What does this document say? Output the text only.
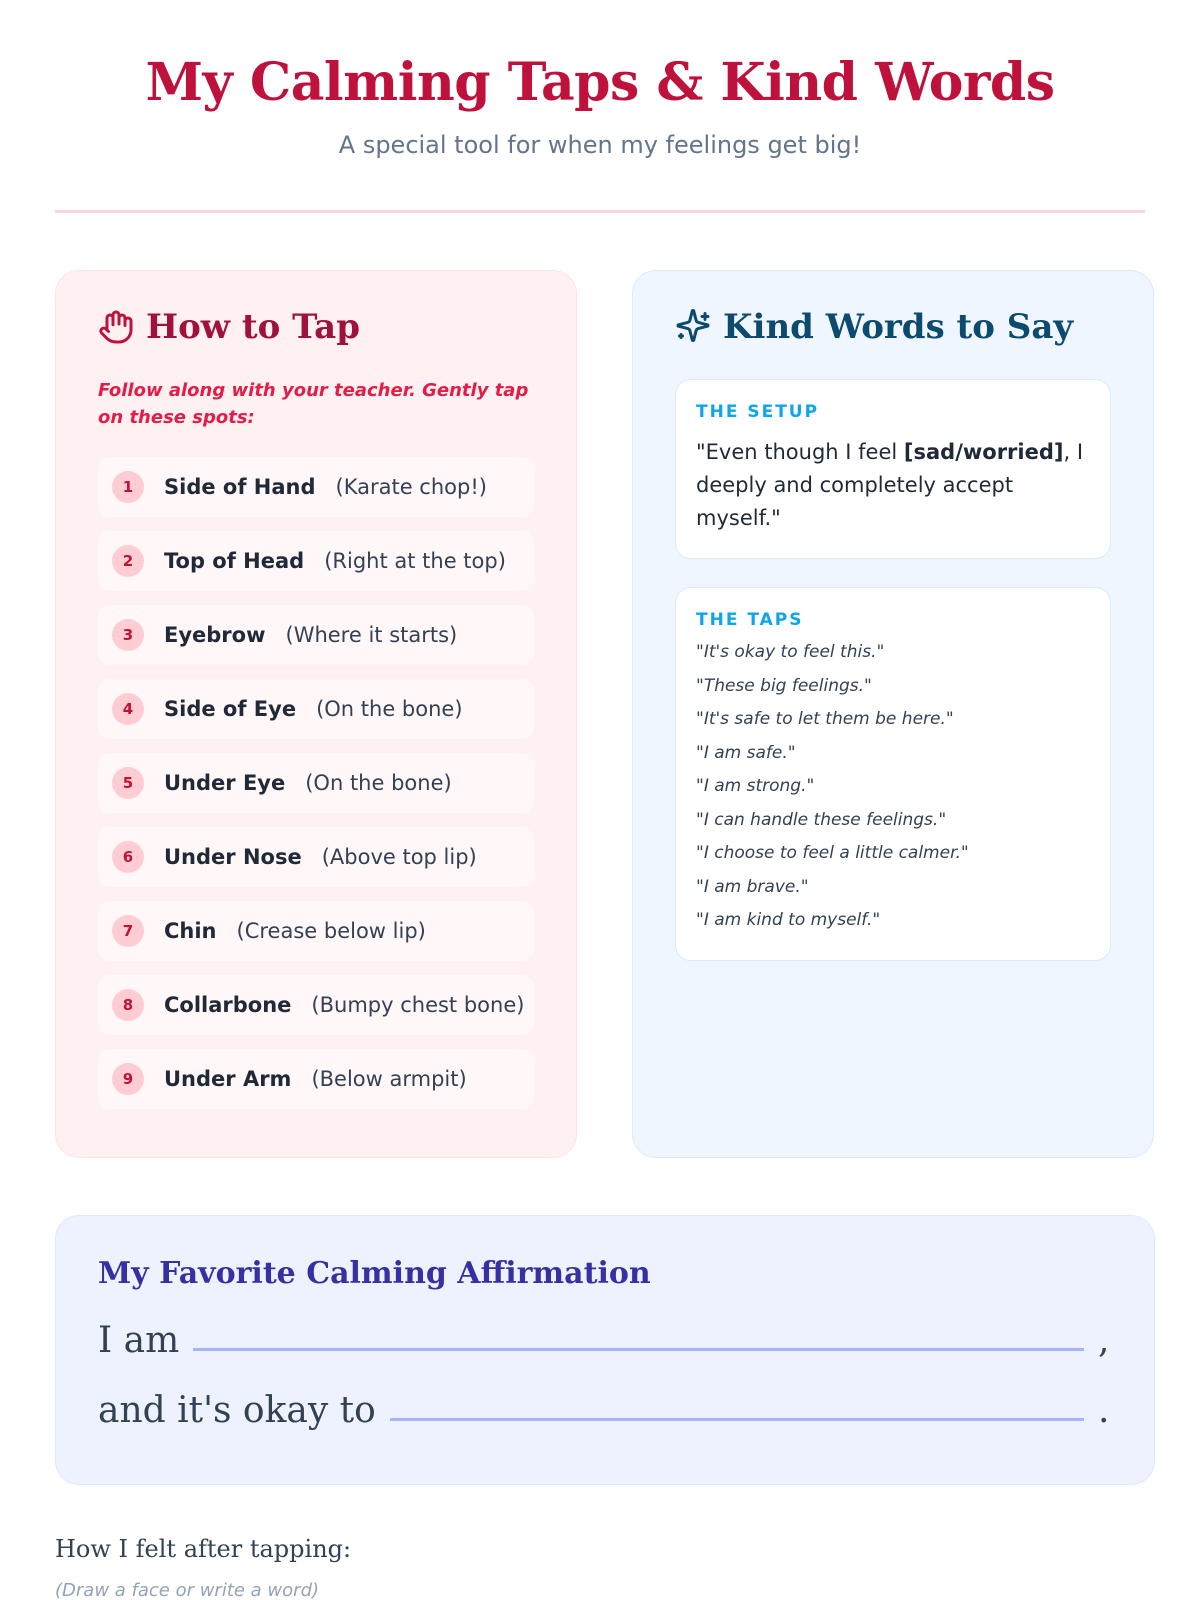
My Calming Taps & Kind Words

A special tool for when my feelings get big!

How to Tap

Follow along with your teacher. Gently tap on these spots:

1	Side of Hand (Karate chop!)
2	Top of Head (Right at the top)
3	Eyebrow (Where it starts)
4	Side of Eye (On the bone)
5	Under Eye (On the bone)
6	Under Nose (Above top lip)
7	Chin (Crease below lip)
8	Collarbone (Bumpy chest bone)
9	Under Arm (Below armpit)
Kind Words to Say
THE SETUP

"Even though I feel [sad/worried], I deeply and completely accept myself."

THE TAPS
"It's okay to feel this."
"These big feelings."
"It's safe to let them be here."
"I am safe."
"I am strong."
"I can handle these feelings."
"I choose to feel a little calmer."
"I am brave."
"I am kind to myself."
My Favorite Calming Affirmation
I am	,
and it's okay to	.
How I felt after tapping:
(Draw a face or write a word)
